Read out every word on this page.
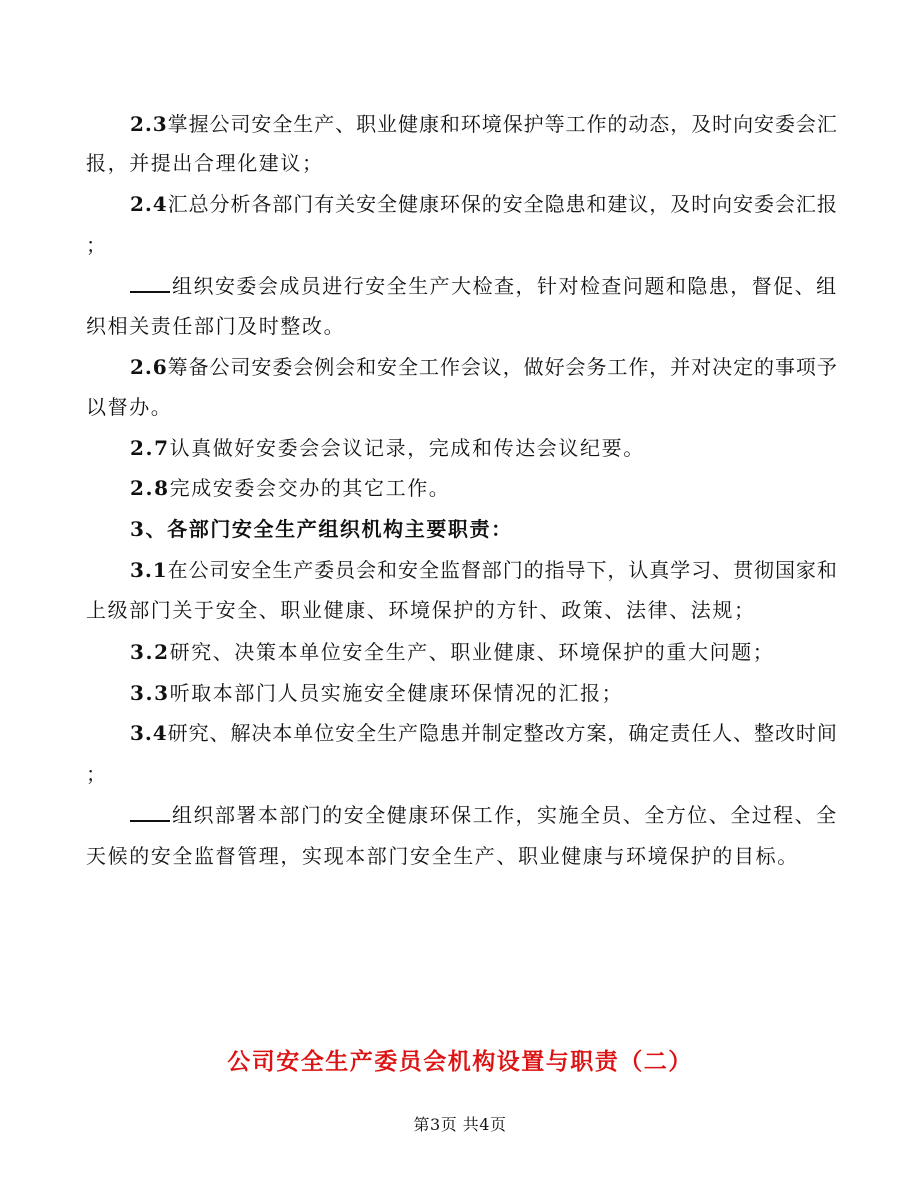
2.3掌握公司安全生产、职业健康和环境保护等工作的动态，及时向安委会汇
报，并提出合理化建议；
2.4汇总分析各部门有关安全健康环保的安全隐患和建议，及时向安委会汇报
；
组织安委会成员进行安全生产大检查，针对检查问题和隐患，督促、组
织相关责任部门及时整改。
2.6筹备公司安委会例会和安全工作会议，做好会务工作，并对决定的事项予
以督办。
2.7认真做好安委会会议记录，完成和传达会议纪要。
2.8完成安委会交办的其它工作。
3、各部门安全生产组织机构主要职责：
3.1在公司安全生产委员会和安全监督部门的指导下，认真学习、贯彻国家和
上级部门关于安全、职业健康、环境保护的方针、政策、法律、法规；
3.2研究、决策本单位安全生产、职业健康、环境保护的重大问题；
3.3听取本部门人员实施安全健康环保情况的汇报；
3.4研究、解决本单位安全生产隐患并制定整改方案，确定责任人、整改时间
；
组织部署本部门的安全健康环保工作，实施全员、全方位、全过程、全
天候的安全监督管理，实现本部门安全生产、职业健康与环境保护的目标。
公司安全生产委员会机构设置与职责（二）
第3页 共4页
